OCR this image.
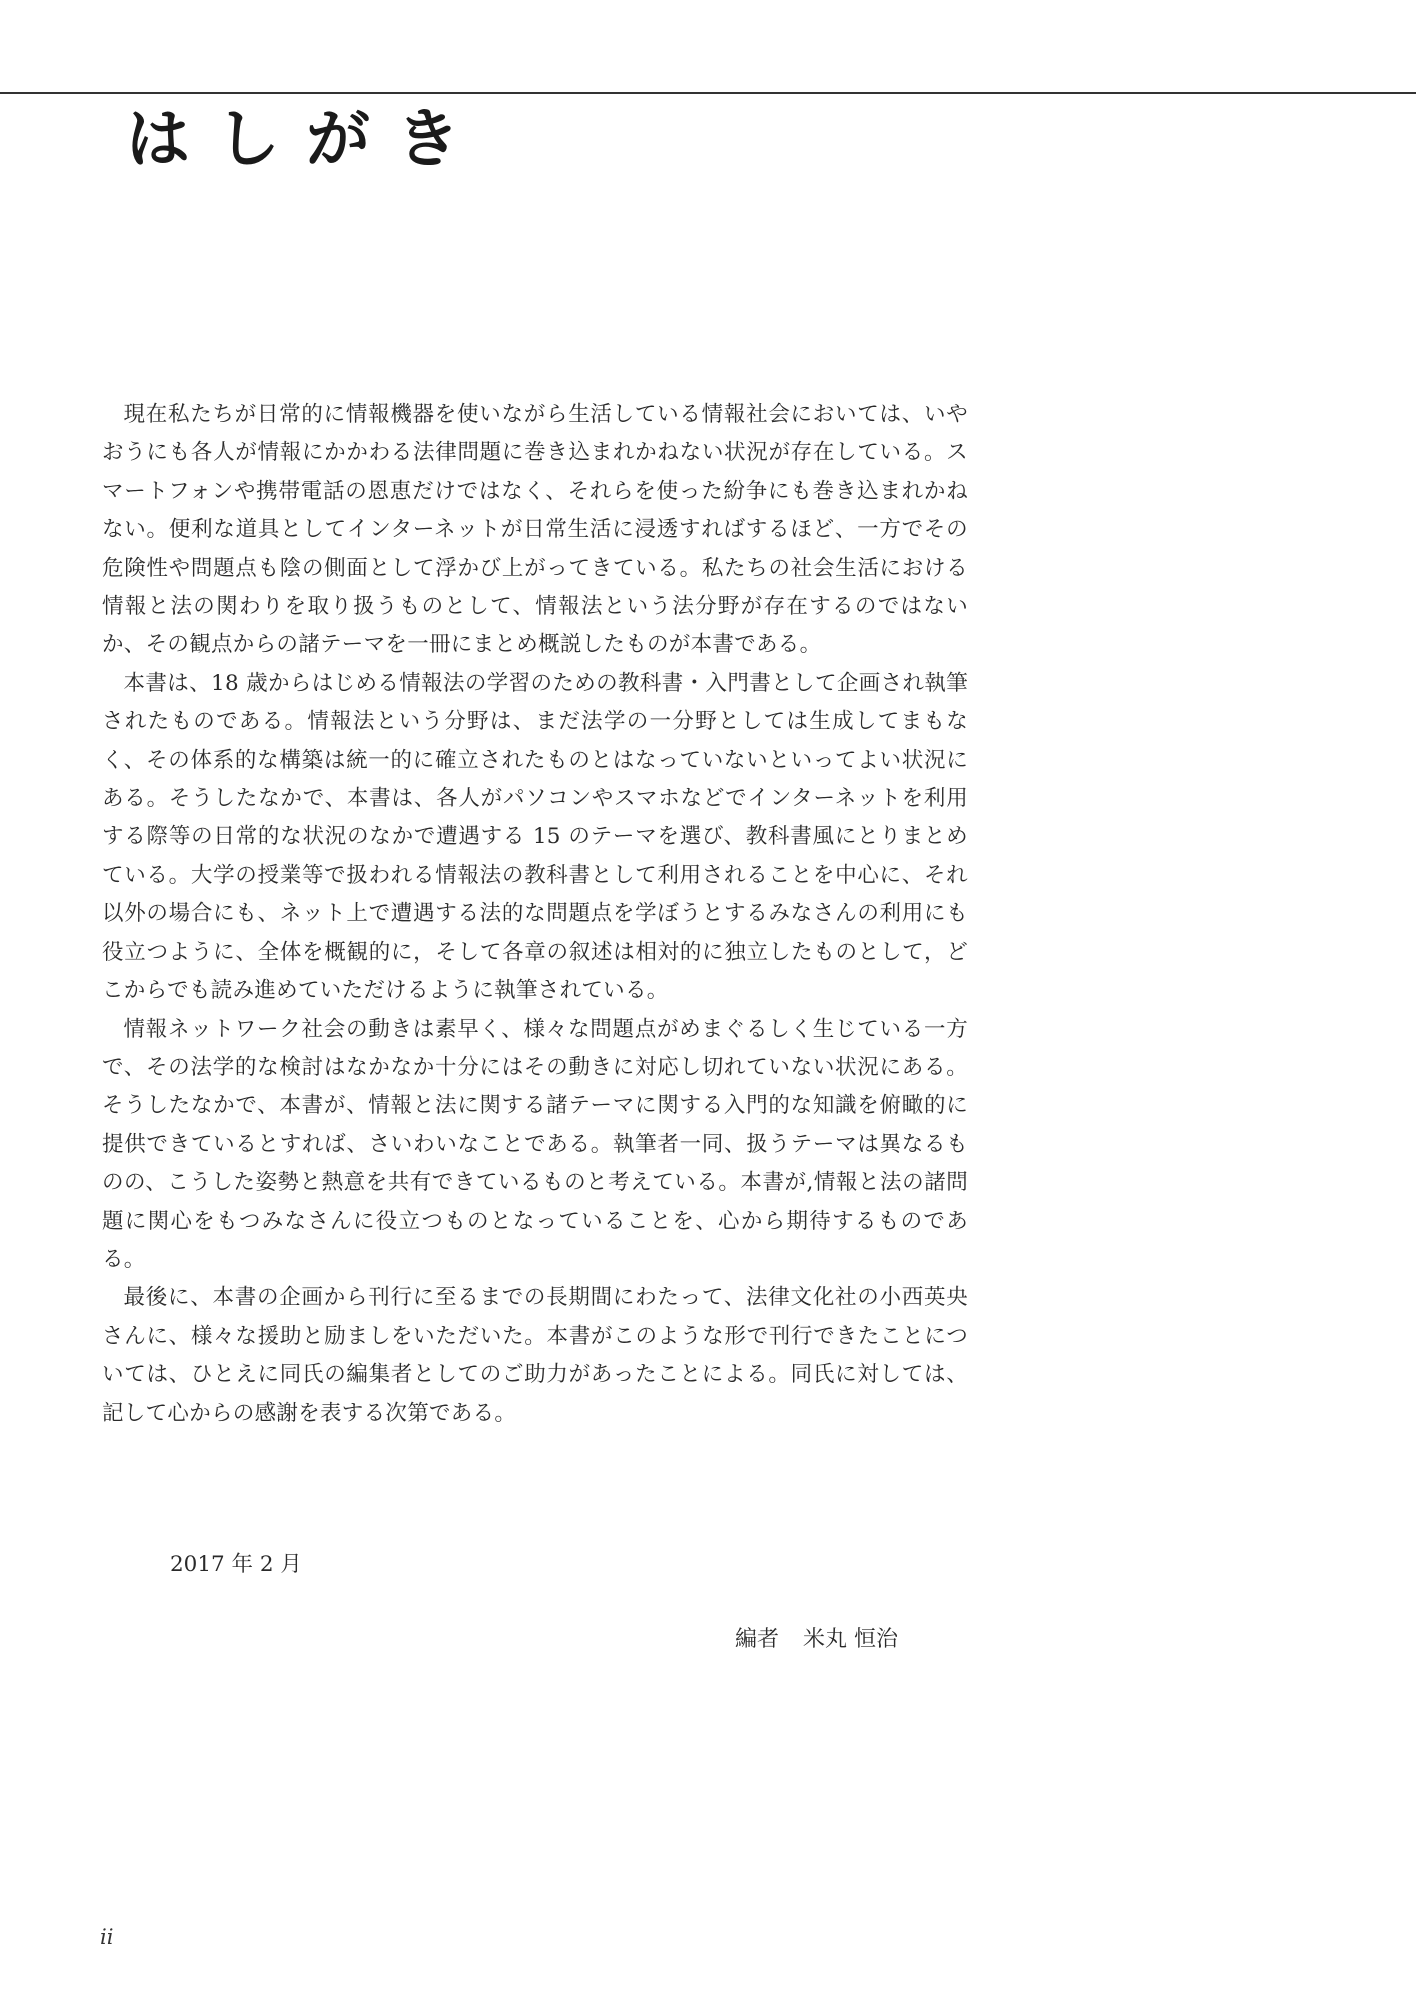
はしがき

現在私たちが日常的に情報機器を使いながら生活している情報社会においては、いやおうにも各人が情報にかかわる法律問題に巻き込まれかねない状況が存在している。スマートフォンや携帯電話の恩恵だけではなく、それらを使った紛争にも巻き込まれかねない。便利な道具としてインターネットが日常生活に浸透すればするほど、一方でその危険性や問題点も陰の側面として浮かび上がってきている。私たちの社会生活における情報と法の関わりを取り扱うものとして、情報法という法分野が存在するのではないか、その観点からの諸テーマを一冊にまとめ概説したものが本書である。

本書は、18 歳からはじめる情報法の学習のための教科書・入門書として企画され執筆されたものである。情報法という分野は、まだ法学の一分野としては生成してまもなく、その体系的な構築は統一的に確立されたものとはなっていないといってよい状況にある。そうしたなかで、本書は、各人がパソコンやスマホなどでインターネットを利用する際等の日常的な状況のなかで遭遇する 15 のテーマを選び、教科書風にとりまとめている。大学の授業等で扱われる情報法の教科書として利用されることを中心に、それ以外の場合にも、ネット上で遭遇する法的な問題点を学ぼうとするみなさんの利用にも役立つように、全体を概観的に，そして各章の叙述は相対的に独立したものとして，どこからでも読み進めていただけるように執筆されている。

情報ネットワーク社会の動きは素早く、様々な問題点がめまぐるしく生じている一方で、その法学的な検討はなかなか十分にはその動きに対応し切れていない状況にある。そうしたなかで、本書が、情報と法に関する諸テーマに関する入門的な知識を俯瞰的に提供できているとすれば、さいわいなことである。執筆者一同、扱うテーマは異なるものの、こうした姿勢と熱意を共有できているものと考えている。本書が,情報と法の諸問題に関心をもつみなさんに役立つものとなっていることを、心から期待するものである。

最後に、本書の企画から刊行に至るまでの長期間にわたって、法律文化社の小西英央さんに、様々な援助と励ましをいただいた。本書がこのような形で刊行できたことについては、ひとえに同氏の編集者としてのご助力があったことによる。同氏に対しては、記して心からの感謝を表する次第である。

2017 年 2 月
編者 米丸 恒治
ii
